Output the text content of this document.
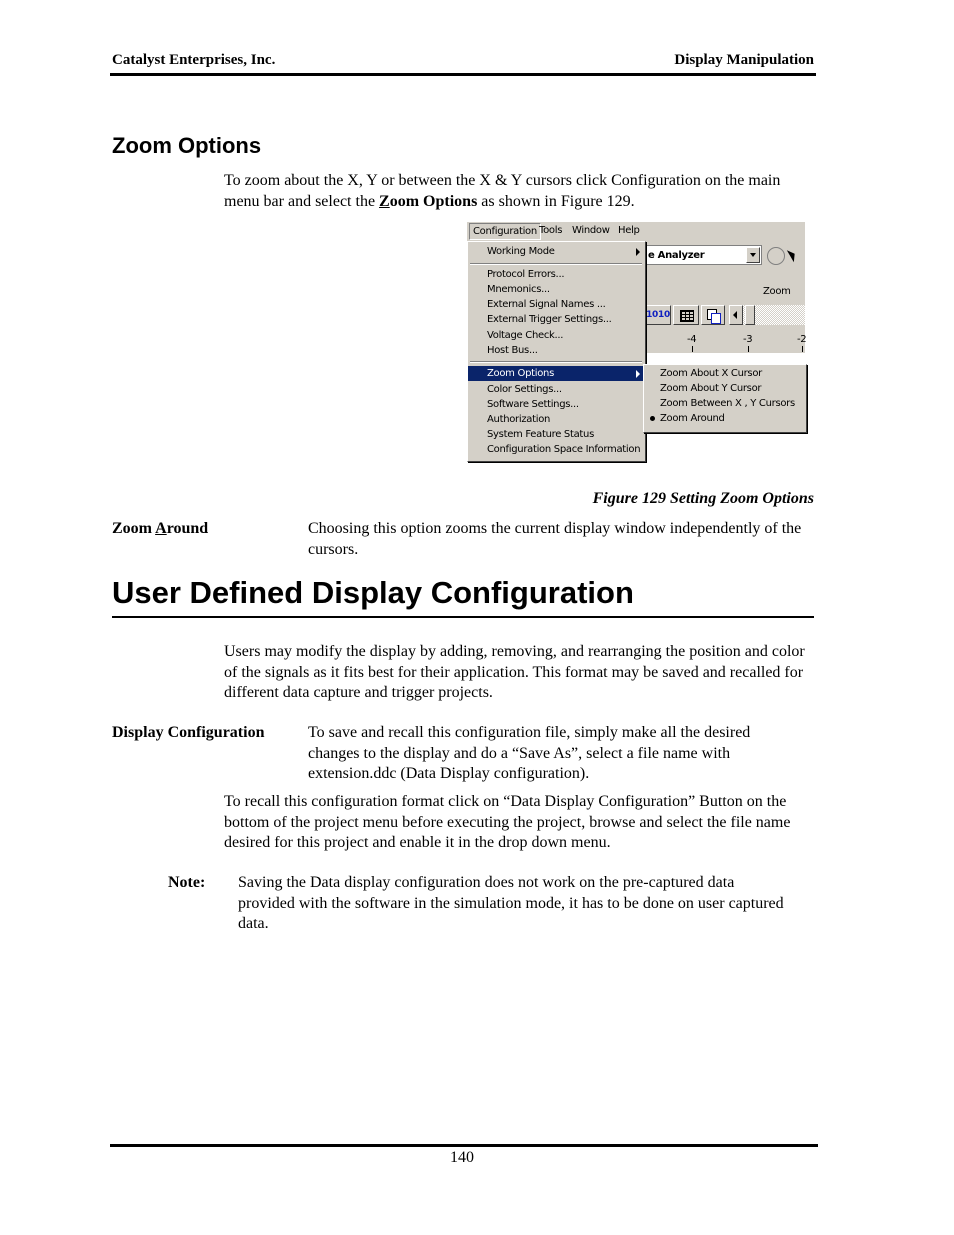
Catalyst Enterprises, Inc.	Display Manipulation
Zoom Options
To zoom about the X, Y or between the X & Y cursors click Configuration on the main menu bar and select the Zoom Options as shown in Figure 129.
Configuration Tools Window Help
e Analyzer
Zoom
1010
-4	-3	-2
Working Mode
Protocol Errors...
Mnemonics...
External Signal Names ...
External Trigger Settings...
Voltage Check...
Host Bus...
Zoom Options
Color Settings...
Software Settings...
Authorization
System Feature Status
Configuration Space Information
Zoom About X Cursor
Zoom About Y Cursor
Zoom Between X , Y Cursors
Zoom Around
Figure 129 Setting Zoom Options
Zoom Around	Choosing this option zooms the current display window independently of the cursors.
User Defined Display Configuration
Users may modify the display by adding, removing, and rearranging the position and color of the signals as it fits best for their application. This format may be saved and recalled for different data capture and trigger projects.
Display Configuration	To save and recall this configuration file, simply make all the desired changes to the display and do a “Save As”, select a file name with extension.ddc (Data Display configuration).
To recall this configuration format click on “Data Display Configuration” Button on the bottom of the project menu before executing the project, browse and select the file name desired for this project and enable it in the drop down menu.
Note: Saving the Data display configuration does not work on the pre-captured data provided with the software in the simulation mode, it has to be done on user captured data.
140
